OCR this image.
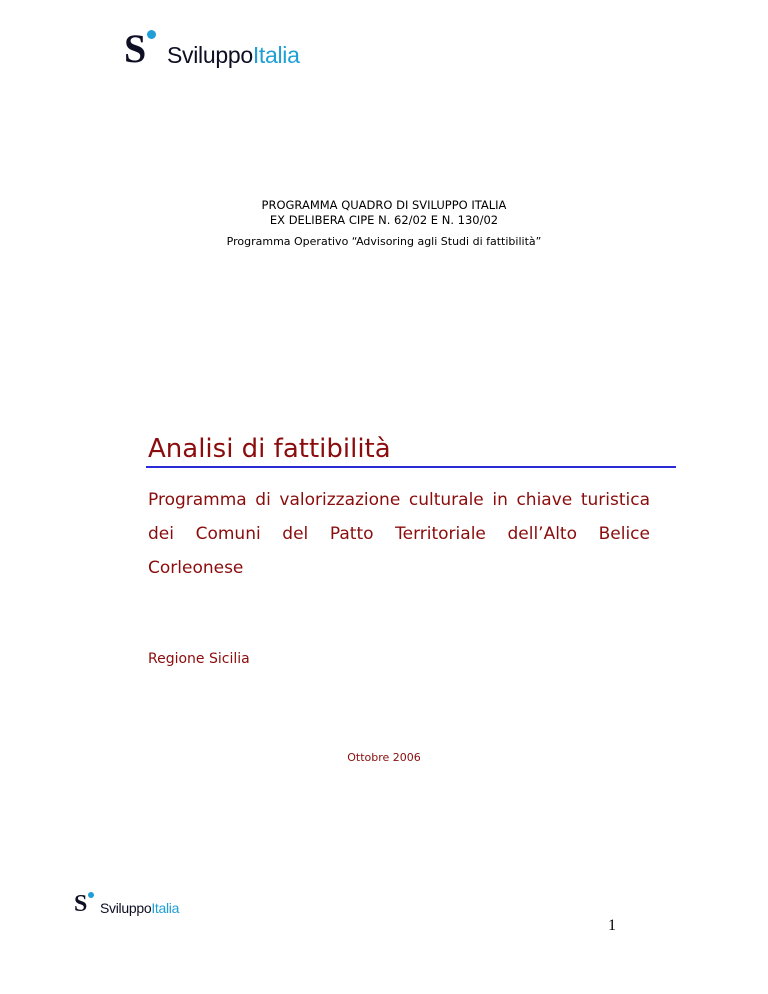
S SviluppoItalia
PROGRAMMA QUADRO DI SVILUPPO ITALIA
EX DELIBERA CIPE N. 62/02 E N. 130/02
Programma Operativo “Advisoring agli Studi di fattibilità”
Analisi di fattibilità
Programma di valorizzazione culturale in chiave turistica dei Comuni del Patto Territoriale dell’Alto Belice Corleonese
Regione Sicilia
Ottobre 2006
S SviluppoItalia
1
